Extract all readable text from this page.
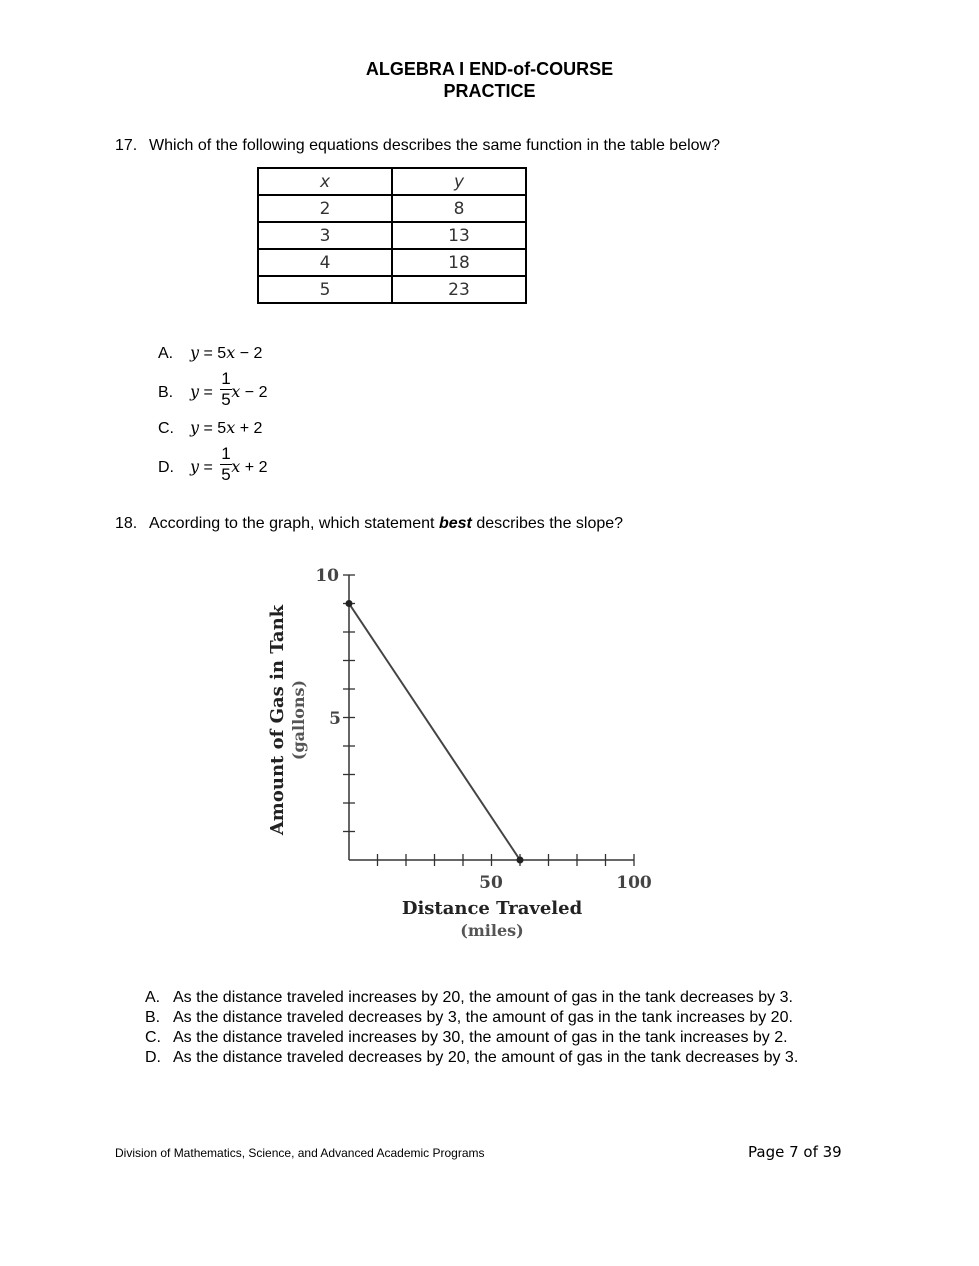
ALGEBRA I END-of-COURSE
PRACTICE
17. Which of the following equations describes the same function in the table below?
x	y
2	8
3	13
4	18
5	23
A. y = 5x − 2
B. y = x − 2
1
5
C. y = 5x + 2
D. y = x + 2
1
5
18. According to the graph, which statement best describes the slope?
10
5
50	100
Distance Traveled
(miles)
Amount of Gas in Tank (gallons)
A. As the distance traveled increases by 20, the amount of gas in the tank decreases by 3.
B. As the distance traveled decreases by 3, the amount of gas in the tank increases by 20.
C. As the distance traveled increases by 30, the amount of gas in the tank increases by 2.
D. As the distance traveled decreases by 20, the amount of gas in the tank decreases by 3.
Division of Mathematics, Science, and Advanced Academic Programs	Page 7 of 39
